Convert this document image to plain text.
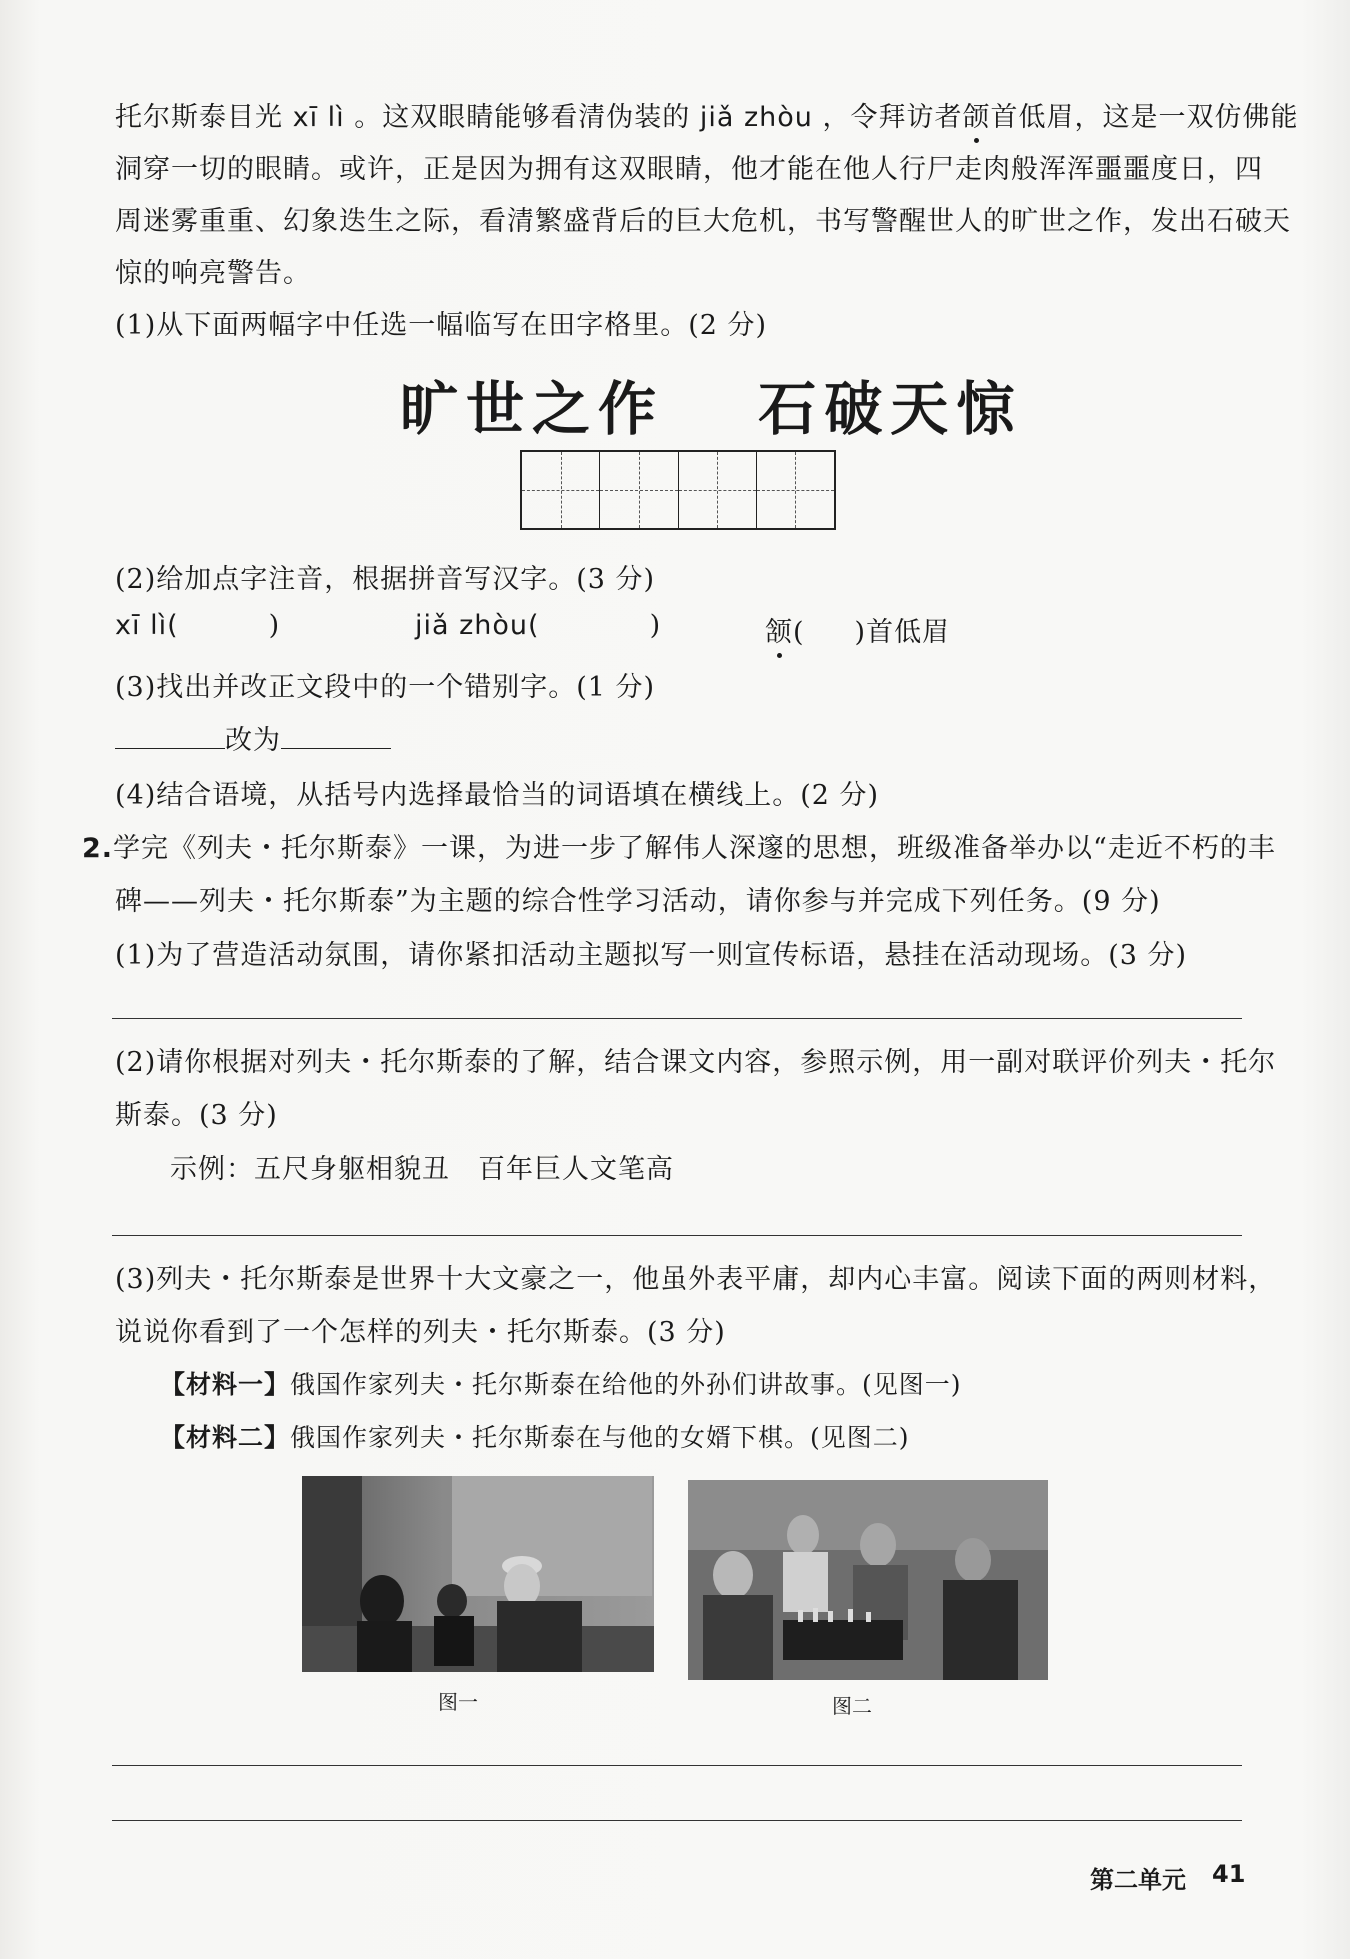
托尔斯泰目光 xī lì 。这双眼睛能够看清伪装的 jiǎ zhòu ，令拜访者颌首低眉，这是一双仿佛能
洞穿一切的眼睛。或许，正是因为拥有这双眼睛，他才能在他人行尸走肉般浑浑噩噩度日，四
周迷雾重重、幻象迭生之际，看清繁盛背后的巨大危机，书写警醒世人的旷世之作，发出石破天
惊的响亮警告。
(1)从下面两幅字中任选一幅临写在田字格里。(2 分)
旷世之作　 石破天惊
(2)给加点字注音，根据拼音写汉字。(3 分)
xī lì(	)	jiǎ zhòu(	)	颔( )首低眉
(3)找出并改正文段中的一个错别字。(1 分)
改为
(4)结合语境，从括号内选择最恰当的词语填在横线上。(2 分)
2.学完《列夫・托尔斯泰》一课，为进一步了解伟人深邃的思想，班级准备举办以“走近不朽的丰
碑——列夫・托尔斯泰”为主题的综合性学习活动，请你参与并完成下列任务。(9 分)
(1)为了营造活动氛围，请你紧扣活动主题拟写一则宣传标语，悬挂在活动现场。(3 分)
(2)请你根据对列夫・托尔斯泰的了解，结合课文内容，参照示例，用一副对联评价列夫・托尔
斯泰。(3 分)
示例：五尺身躯相貌丑　百年巨人文笔高
(3)列夫・托尔斯泰是世界十大文豪之一，他虽外表平庸，却内心丰富。阅读下面的两则材料，
说说你看到了一个怎样的列夫・托尔斯泰。(3 分)
【材料一】俄国作家列夫・托尔斯泰在给他的外孙们讲故事。(见图一)
【材料二】俄国作家列夫・托尔斯泰在与他的女婿下棋。(见图二)
图一	图二
第二单元 41
